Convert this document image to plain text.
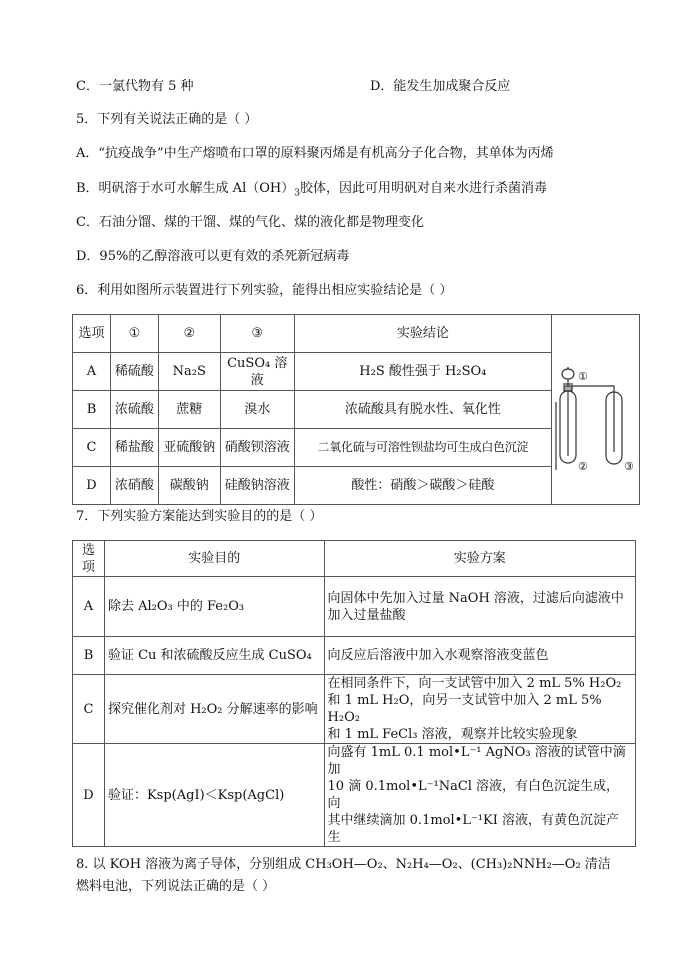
C．一氯代物有 5 种	D．能发生加成聚合反应
5．下列有关说法正确的是（ ）
A．“抗疫战争”中生产熔喷布口罩的原料聚丙烯是有机高分子化合物，其单体为丙烯
B．明矾溶于水可水解生成 $Al(OH)_3$胶体，因此可用明矾对自来水进行杀菌消毒
C．石油分馏、煤的干馏、煤的气化、煤的液化都是物理变化
D．95%的乙醇溶液可以更有效的杀死新冠病毒
6．利用如图所示装置进行下列实验，能得出相应实验结论是（ ）
选项	①	②	③	实验结论	①
② ③

A	稀硫酸	Na₂S	CuSO₄ 溶液	H₂S 酸性强于 H₂SO₄	
B	浓硫酸	蔗糖	溴水	浓硫酸具有脱水性、氧化性	
C	稀盐酸	亚硫酸钠	硝酸钡溶液	二氧化硫与可溶性钡盐均可生成白色沉淀	
D	浓硝酸	碳酸钠	硅酸钠溶液	酸性：硝酸＞碳酸＞硅酸	
7．下列实验方案能达到实验目的的是（ ）
选项	实验目的	实验方案
A	除去 Al₂O₃ 中的 Fe₂O₃	向固体中先加入过量 NaOH 溶液，过滤后向滤液中
加入过量盐酸

B	验证 Cu 和浓硫酸反应生成 CuSO₄	向反应后溶液中加入水观察溶液变蓝色

C	探究催化剂对 H₂O₂ 分解速率的影响	在相同条件下，向一支试管中加入 2 mL 5% H₂O₂
和 1 mL H₂O，向另一支试管中加入 2 mL 5% H₂O₂
和 1 mL FeCl₃ 溶液，观察并比较实验现象

D	验证：Ksp(AgI)＜Ksp(AgCl)	向盛有 1mL 0.1 mol•L⁻¹ AgNO₃ 溶液的试管中滴加
10 滴 0.1mol•L⁻¹NaCl 溶液，有白色沉淀生成，向
其中继续滴加 0.1mol•L⁻¹KI 溶液，有黄色沉淀产
生
8. 以 KOH 溶液为离子导体，分别组成 CH₃OH—O₂、N₂H₄—O₂、(CH₃)₂NNH₂—O₂ 清洁
燃料电池，下列说法正确的是（ ）
